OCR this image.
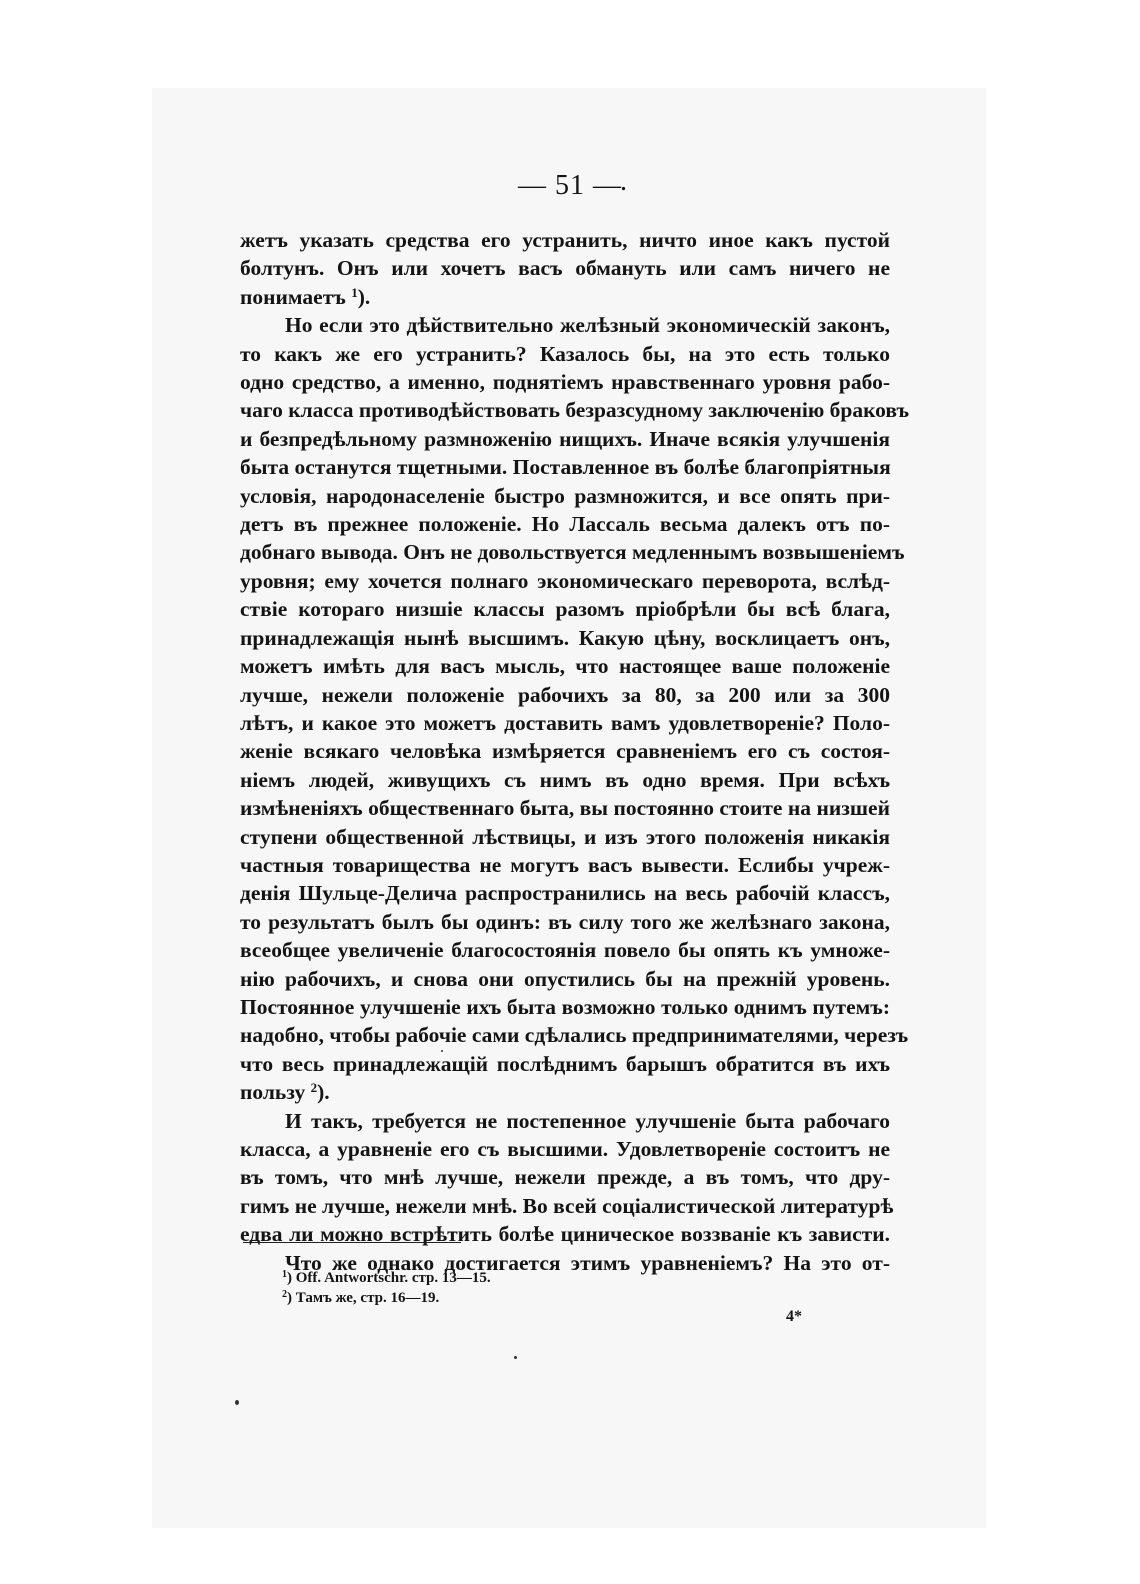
— 51 —
.
жетъ указать средства его устранить, ничто иное какъ пустой
болтунъ. Онъ или хочетъ васъ обмануть или самъ ничего не
понимаетъ $^1$).
Но если это дѣйствительно желѣзный экономическій законъ,
то какъ же его устранить? Казалось бы, на это есть только
одно средство, а именно, поднятіемъ нравственнаго уровня рабо-
чаго класса противодѣйствовать безразсудному заключенію браковъ
и безпредѣльному размноженію нищихъ. Иначе всякія улучшенія
быта останутся тщетными. Поставленное въ болѣе благопріятныя
условія, народонаселеніе быстро размножится, и все опять при-
детъ въ прежнее положеніе. Но Лассаль весьма далекъ отъ по-
добнаго вывода. Онъ не довольствуется медленнымъ возвышеніемъ
уровня; ему хочется полнаго экономическаго переворота, вслѣд-
ствіе котораго низшіе классы разомъ пріобрѣли бы всѣ блага,
принадлежащія нынѣ высшимъ. Какую цѣну, восклицаетъ онъ,
можетъ имѣть для васъ мысль, что настоящее ваше положеніе
лучше, нежели положеніе рабочихъ за 80, за 200 или за 300
лѣтъ, и какое это можетъ доставить вамъ удовлетвореніе? Поло-
женіе всякаго человѣка измѣряется сравненіемъ его съ состоя-
ніемъ людей, живущихъ съ нимъ въ одно время. При всѣхъ
измѣненіяхъ общественнаго быта, вы постоянно стоите на низшей
ступени общественной лѣствицы, и изъ этого положенія никакія
частныя товарищества не могутъ васъ вывести. Еслибы учреж-
денія Шульце-Делича распространились на весь рабочій классъ,
то результатъ былъ бы одинъ: въ силу того же желѣзнаго закона,
всеобщее увеличеніе благосостоянія повело бы опять къ умноже-
нію рабочихъ, и снова они опустились бы на прежній уровень.
Постоянное улучшеніе ихъ быта возможно только однимъ путемъ:
надобно, чтобы рабочіе сами сдѣлались предпринимателями, черезъ
что весь принадлежащій послѣднимъ барышъ обратится въ ихъ
пользу $^2$).
И такъ, требуется не постепенное улучшеніе быта рабочаго
класса, а уравненіе его съ высшими. Удовлетвореніе состоитъ не
въ томъ, что мнѣ лучше, нежели прежде, а въ томъ, что дру-
гимъ не лучше, нежели мнѣ. Во всей соціалистической литературѣ
едва ли можно встрѣтить болѣе циническое воззваніе къ зависти.
Что же однако достигается этимъ уравненіемъ? На это от-
$^1$) Off. Antwortschr. стр. 13—15.
$^2$) Тамъ же, стр. 16—19.
4*
